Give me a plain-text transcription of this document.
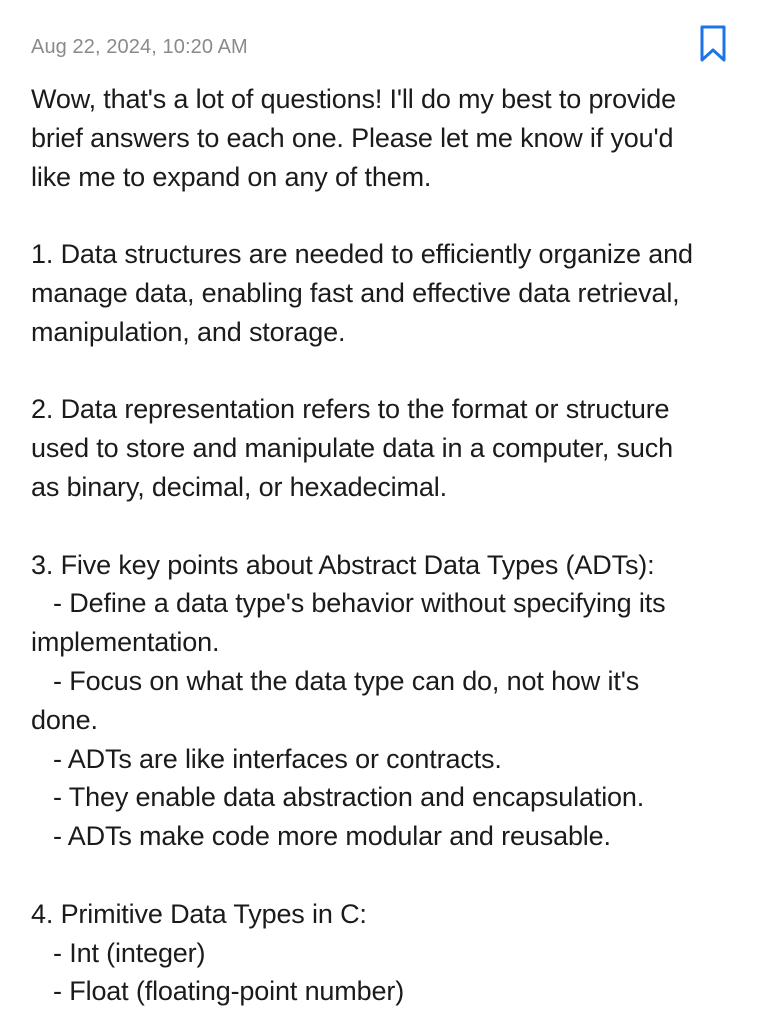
Aug 22, 2024, 10:20 AM
Wow, that's a lot of questions! I'll do my best to provide
brief answers to each one. Please let me know if you'd
like me to expand on any of them.
1. Data structures are needed to efficiently organize and
manage data, enabling fast and effective data retrieval,
manipulation, and storage.
2. Data representation refers to the format or structure
used to store and manipulate data in a computer, such
as binary, decimal, or hexadecimal.
3. Five key points about Abstract Data Types (ADTs):
- Define a data type's behavior without specifying its
implementation.
- Focus on what the data type can do, not how it's
done.
- ADTs are like interfaces or contracts.
- They enable data abstraction and encapsulation.
- ADTs make code more modular and reusable.
4. Primitive Data Types in C:
- Int (integer)
- Float (floating-point number)
